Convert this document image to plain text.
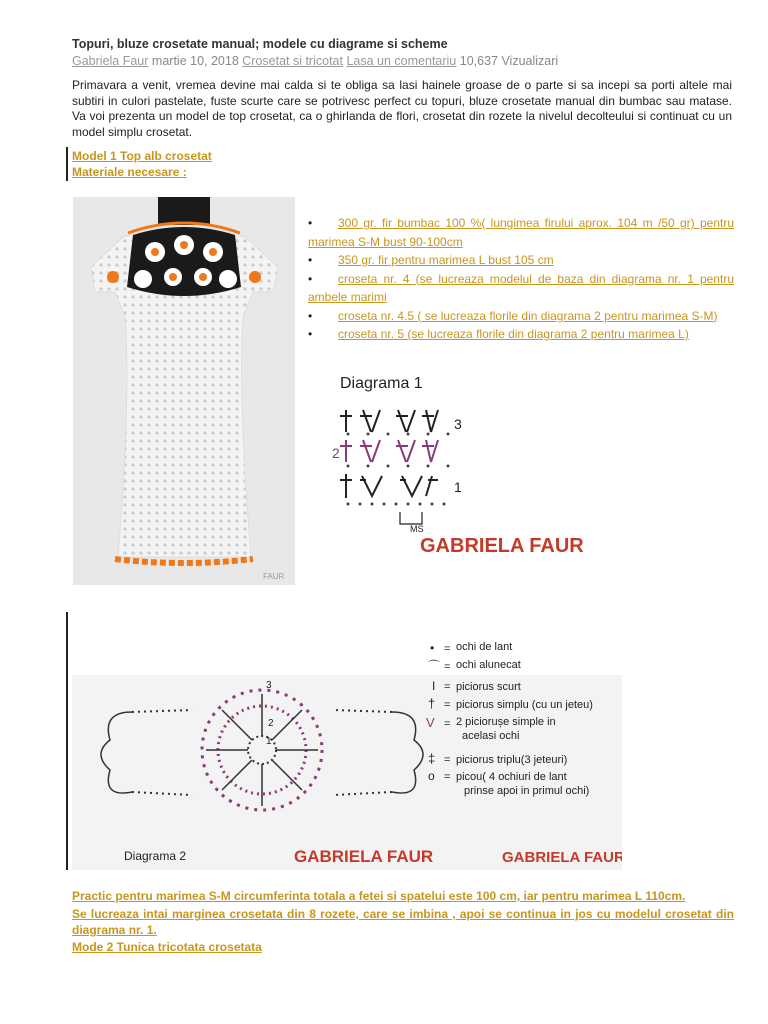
Topuri, bluze crosetate manual; modele cu diagrame si scheme
Gabriela Faur martie 10, 2018 Crosetat si tricotat Lasa un comentariu 10,637 Vizualizari
Primavara a venit, vremea devine mai calda si te obliga sa lasi hainele groase de o parte si sa incepi sa porti altele mai subtiri in culori pastelate, fuste scurte care se potrivesc perfect cu topuri, bluze crosetate manual din bumbac sau matase. Va voi prezenta un model de top crosetat, ca o ghirlanda de flori, crosetat din rozete la nivelul decolteului si continuat cu un model simplu crosetat.
Model 1 Top alb crosetat
Materiale necesare :
FAUR
• 300 gr. fir bumbac 100 %( lungimea firului aprox. 104 m /50 gr) pentru marimea S-M bust 90-100cm
• 350 gr. fir pentru marimea L bust 105 cm
• croseta nr. 4 (se lucreaza modelul de baza din diagrama nr. 1 pentru ambele marimi
• croseta nr. 4.5 ( se lucreaza florile din diagrama 2 pentru marimea S-M)
• croseta nr. 5 (se lucreaza florile din diagrama 2 pentru marimea L)
Diagrama 1
3
2
1
MS
GABRIELA FAUR
3
2
1
Diagrama 2	GABRIELA FAUR	GABRIELA FAUR
• = ochi de lant
⌒ = ochi alunecat
I = piciorus scurt
† = piciorus simplu (cu un jeteu)
V = 2 piciorușe simple in
acelasi ochi
‡ = piciorus triplu(3 jeteuri)
o = picou( 4 ochiuri de lant
prinse apoi in primul ochi)
Practic pentru marimea S-M circumferinta totala a fetei si spatelui este 100 cm, iar pentru marimea L 110cm.
Se lucreaza intai marginea crosetata din 8 rozete, care se imbina , apoi se continua in jos cu modelul crosetat din diagrama nr. 1.
Mode 2 Tunica tricotata crosetata
